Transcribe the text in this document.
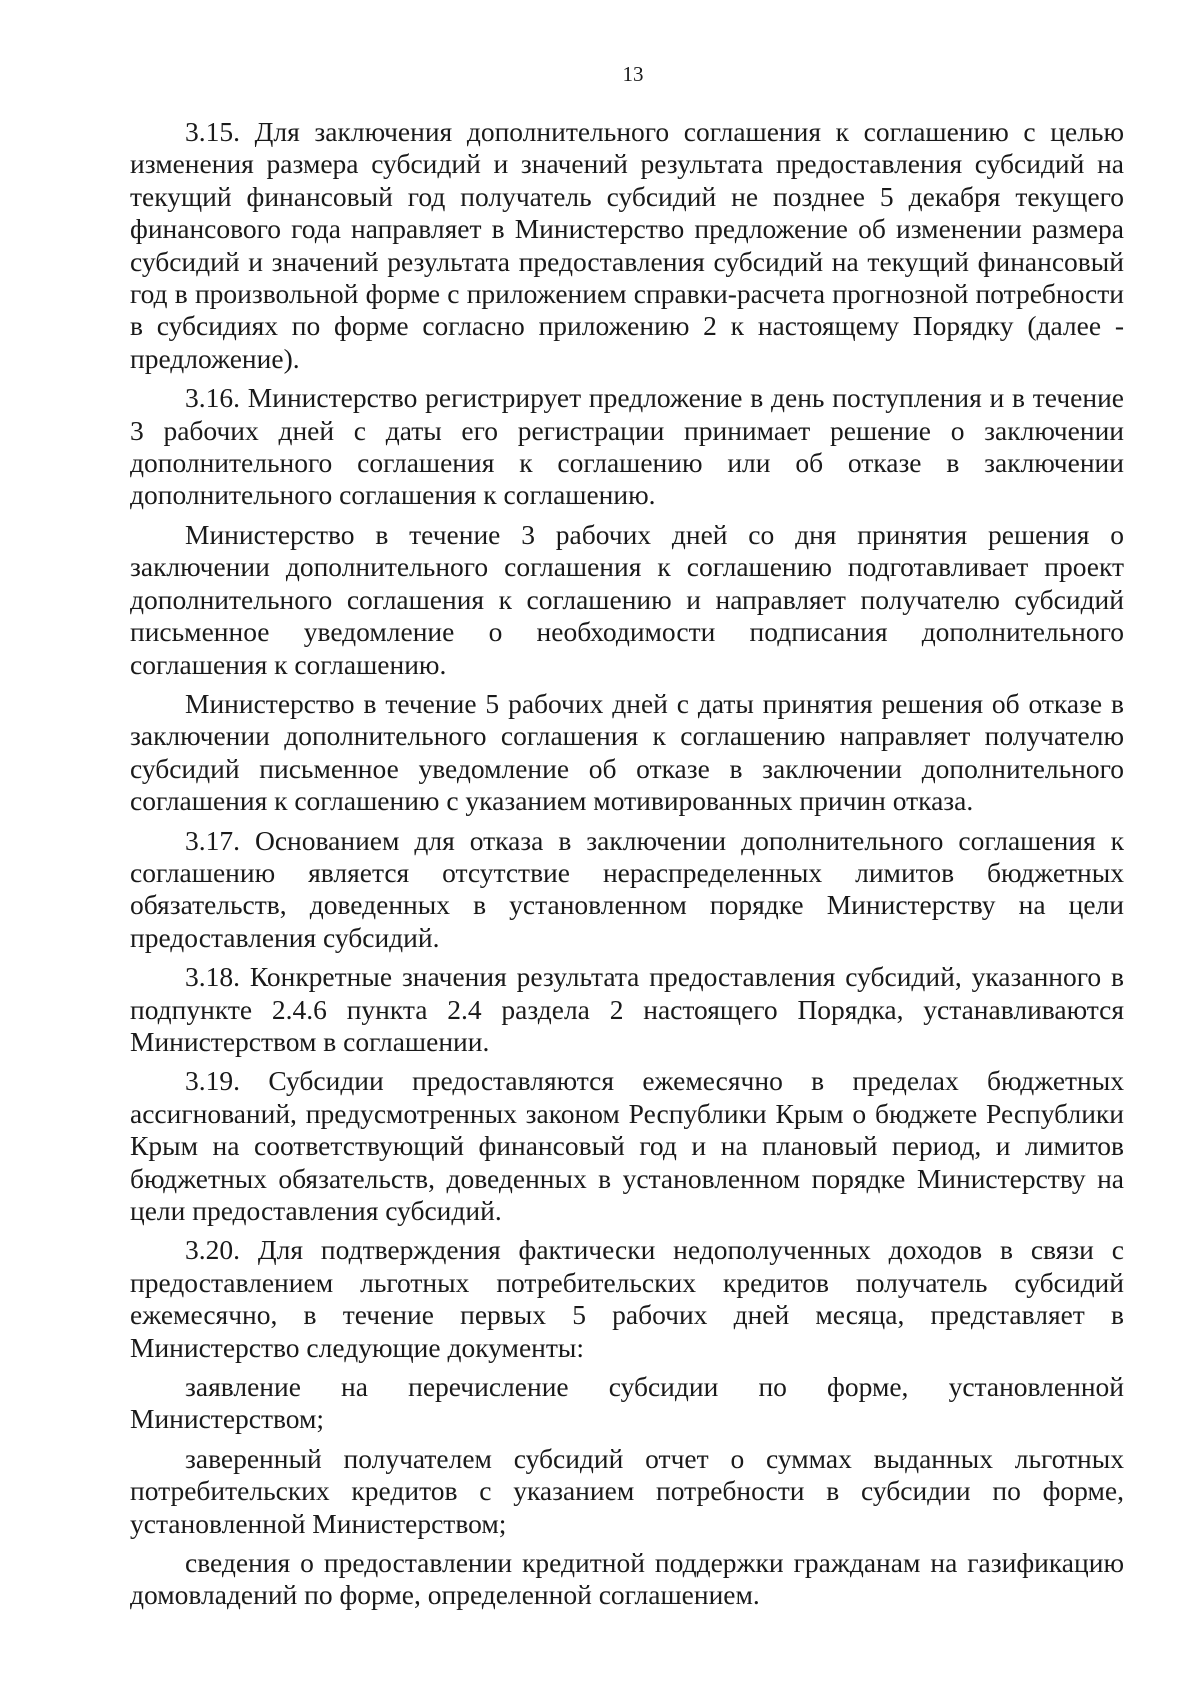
13

3.15. Для заключения дополнительного соглашения к соглашению с целью изменения размера субсидий и значений результата предоставления субсидий на текущий финансовый год получатель субсидий не позднее 5 декабря текущего финансового года направляет в Министерство предложение об изменении размера субсидий и значений результата предоставления субсидий на текущий финансовый год в произвольной форме с приложением справки-расчета прогнозной потребности в субсидиях по форме согласно приложению 2 к настоящему Порядку (далее - предложение).

3.16. Министерство регистрирует предложение в день поступления и в течение 3 рабочих дней с даты его регистрации принимает решение о заключении дополнительного соглашения к соглашению или об отказе в заключении дополнительного соглашения к соглашению.

Министерство в течение 3 рабочих дней со дня принятия решения о заключении дополнительного соглашения к соглашению подготавливает проект дополнительного соглашения к соглашению и направляет получателю субсидий письменное уведомление о необходимости подписания дополнительного соглашения к соглашению.

Министерство в течение 5 рабочих дней с даты принятия решения об отказе в заключении дополнительного соглашения к соглашению направляет получателю субсидий письменное уведомление об отказе в заключении дополнительного соглашения к соглашению с указанием мотивированных причин отказа.

3.17. Основанием для отказа в заключении дополнительного соглашения к соглашению является отсутствие нераспределенных лимитов бюджетных обязательств, доведенных в установленном порядке Министерству на цели предоставления субсидий.

3.18. Конкретные значения результата предоставления субсидий, указанного в подпункте 2.4.6 пункта 2.4 раздела 2 настоящего Порядка, устанавливаются Министерством в соглашении.

3.19. Субсидии предоставляются ежемесячно в пределах бюджетных ассигнований, предусмотренных законом Республики Крым о бюджете Республики Крым на соответствующий финансовый год и на плановый период, и лимитов бюджетных обязательств, доведенных в установленном порядке Министерству на цели предоставления субсидий.

3.20. Для подтверждения фактически недополученных доходов в связи с предоставлением льготных потребительских кредитов получатель субсидий ежемесячно, в течение первых 5 рабочих дней месяца, представляет в Министерство следующие документы:

заявление на перечисление субсидии по форме, установленной Министерством;

заверенный получателем субсидий отчет о суммах выданных льготных потребительских кредитов с указанием потребности в субсидии по форме, установленной Министерством;

сведения о предоставлении кредитной поддержки гражданам на газификацию домовладений по форме, определенной соглашением.
